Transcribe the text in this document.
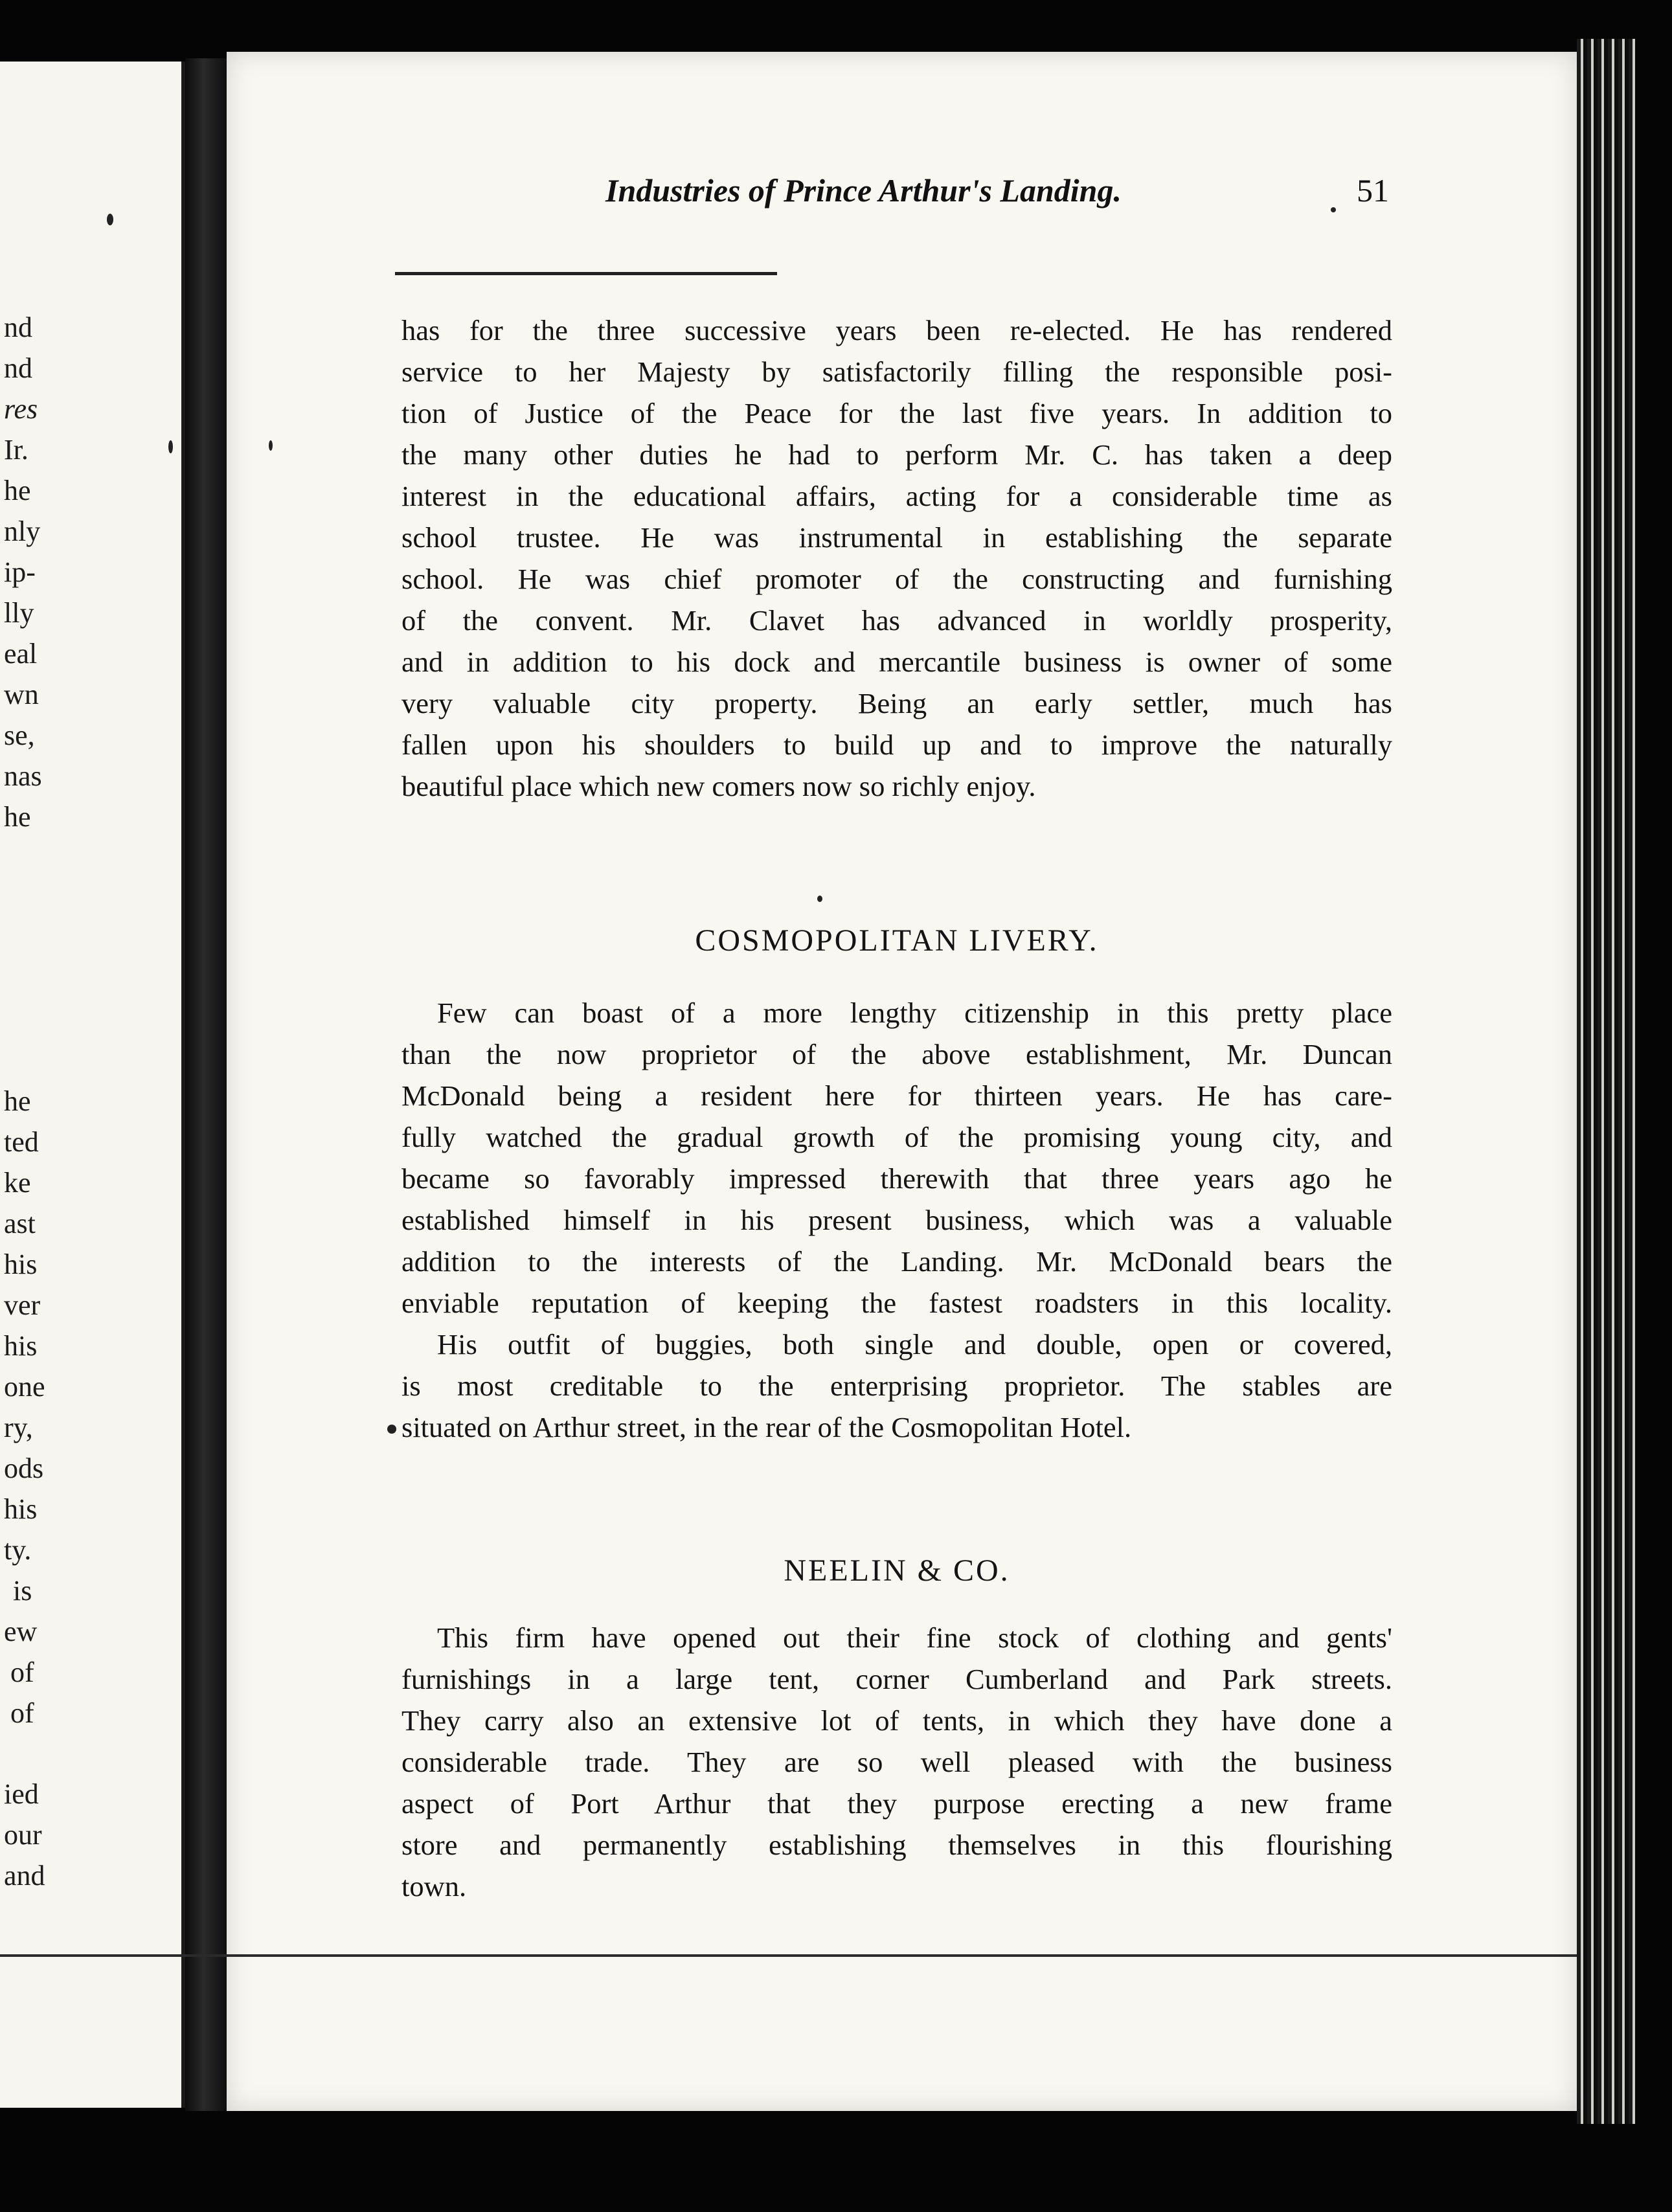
nd
nd
res
Ir.
he
nly
ip-
lly
eal
wn
se,
nas
he
he
ted
ke
ast
his
ver
his
one
ry,
ods
his
ty.
is
ew
of
of
ied
our
and
Industries of Prince Arthur's Landing.	51
has for the three successive years been re-elected. He has rendered
service to her Majesty by satisfactorily filling the responsible posi-
tion of Justice of the Peace for the last five years. In addition to
the many other duties he had to perform Mr. C. has taken a deep
interest in the educational affairs, acting for a considerable time as
school trustee. He was instrumental in establishing the separate
school. He was chief promoter of the constructing and furnishing
of the convent. Mr. Clavet has advanced in worldly prosperity,
and in addition to his dock and mercantile business is owner of some
very valuable city property. Being an early settler, much has
fallen upon his shoulders to build up and to improve the naturally
beautiful place which new comers now so richly enjoy.
COSMOPOLITAN LIVERY.
Few can boast of a more lengthy citizenship in this pretty place
than the now proprietor of the above establishment, Mr. Duncan
McDonald being a resident here for thirteen years. He has care-
fully watched the gradual growth of the promising young city, and
became so favorably impressed therewith that three years ago he
established himself in his present business, which was a valuable
addition to the interests of the Landing. Mr. McDonald bears the
enviable reputation of keeping the fastest roadsters in this locality.
His outfit of buggies, both single and double, open or covered,
is most creditable to the enterprising proprietor. The stables are
situated on Arthur street, in the rear of the Cosmopolitan Hotel.
NEELIN & CO.
This firm have opened out their fine stock of clothing and gents'
furnishings in a large tent, corner Cumberland and Park streets.
They carry also an extensive lot of tents, in which they have done a
considerable trade. They are so well pleased with the business
aspect of Port Arthur that they purpose erecting a new frame
store and permanently establishing themselves in this flourishing
town.
